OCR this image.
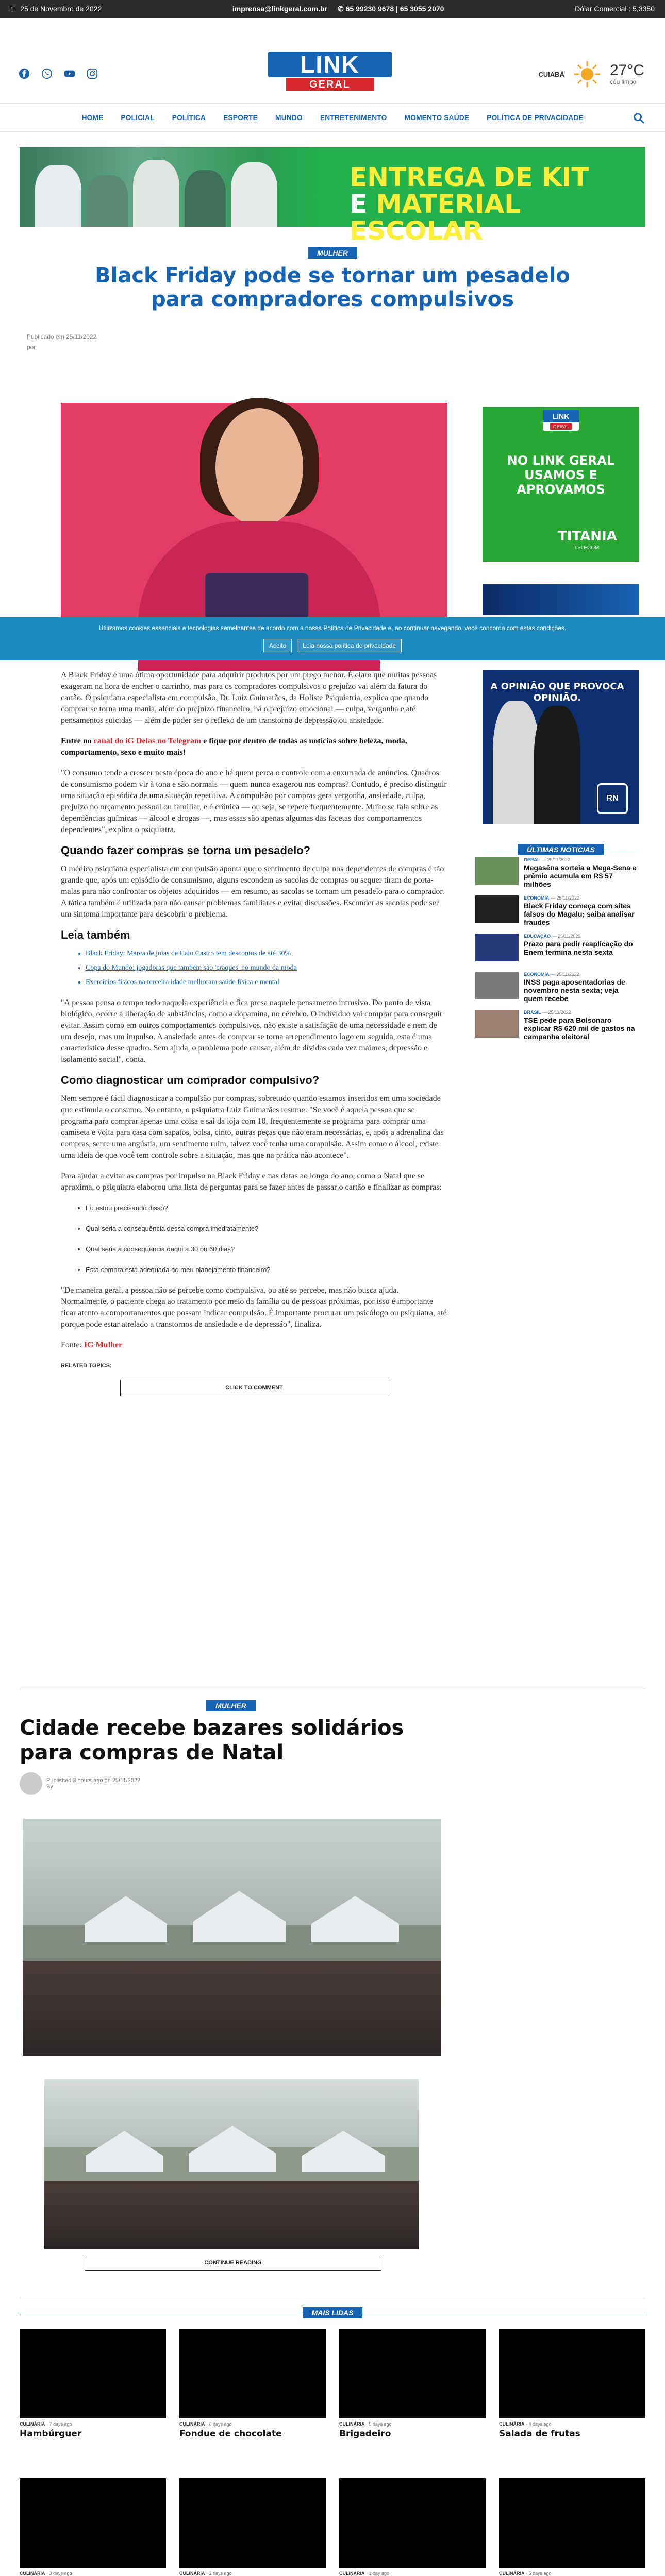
▦ 25 de Novembro de 2022	imprensa@linkgeral.com.br ✆ 65 99230 9678 | 65 3055 2070	Dólar Comercial : 5,3350
LINK
GERAL
CUIABÁ	27°C
céu limpo
HOME POLICIAL POLÍTICA ESPORTE MUNDO ENTRETENIMENTO MOMENTO SAÚDE POLÍTICA DE PRIVACIDADE
ENTREGA DE KIT
E MATERIAL ESCOLAR
MULHER
Black Friday pode se tornar um pesadelo para compradores compulsivos
Publicado em 25/11/2022
por
LINK
GERAL
NO LINK GERAL USAMOS E APROVAMOS
TITANIA
TELECOM
Utilizamos cookies essenciais e tecnologias semelhantes de acordo com a nossa Política de Privacidade e, ao continuar navegando, você concorda com estas condições.
Aceito	Leia nossa política de privacidade
A OPINIÃO QUE PROVOCA OPINIÃO.
RN
ÚLTIMAS NOTÍCIAS
GERAL — 25/11/2022
Megasêna sorteia a Mega-Sena e prêmio acumula em R$ 57 milhões
ECONOMIA — 25/11/2022
Black Friday começa com sites falsos do Magalu; saiba analisar fraudes
EDUCAÇÃO — 25/11/2022
Prazo para pedir reaplicação do Enem termina nesta sexta
ECONOMIA — 25/11/2022
INSS paga aposentadorias de novembro nesta sexta; veja quem recebe
BRASIL — 25/11/2022
TSE pede para Bolsonaro explicar R$ 620 mil de gastos na campanha eleitoral

A Black Friday é uma ótima oportunidade para adquirir produtos por um preço menor. É claro que muitas pessoas exageram na hora de encher o carrinho, mas para os compradores compulsivos o prejuízo vai além da fatura do cartão. O psiquiatra especialista em compulsão, Dr. Luiz Guimarães, da Holiste Psiquiatria, explica que quando comprar se torna uma mania, além do prejuízo financeiro, há o prejuízo emocional — culpa, vergonha e até pensamentos suicidas — além de poder ser o reflexo de um transtorno de depressão ou ansiedade.

Entre no canal do iG Delas no Telegram e fique por dentro de todas as notícias sobre beleza, moda, comportamento, sexo e muito mais!

"O consumo tende a crescer nesta época do ano e há quem perca o controle com a enxurrada de anúncios. Quadros de consumismo podem vir à tona e são normais — quem nunca exagerou nas compras? Contudo, é preciso distinguir uma situação episódica de uma situação repetitiva. A compulsão por compras gera vergonha, ansiedade, culpa, prejuízo no orçamento pessoal ou familiar, e é crônica — ou seja, se repete frequentemente. Muito se fala sobre as dependências químicas — álcool e drogas —, mas essas são apenas algumas das facetas dos comportamentos dependentes", explica o psiquiatra.

Quando fazer compras se torna um pesadelo?

O médico psiquiatra especialista em compulsão aponta que o sentimento de culpa nos dependentes de compras é tão grande que, após um episódio de consumismo, alguns escondem as sacolas de compras ou sequer tiram do porta-malas para não confrontar os objetos adquiridos — em resumo, as sacolas se tornam um pesadelo para o comprador. A tática também é utilizada para não causar problemas familiares e evitar discussões. Esconder as sacolas pode ser um sintoma importante para descobrir o problema.

Leia também
• Black Friday: Marca de joias de Caio Castro tem descontos de até 30%
• Copa do Mundo: jogadoras que também são 'craques' no mundo da moda
• Exercícios físicos na terceira idade melhoram saúde física e mental

"A pessoa pensa o tempo todo naquela experiência e fica presa naquele pensamento intrusivo. Do ponto de vista biológico, ocorre a liberação de substâncias, como a dopamina, no cérebro. O indivíduo vai comprar para conseguir evitar. Assim como em outros comportamentos compulsivos, não existe a satisfação de uma necessidade e nem de um desejo, mas um impulso. A ansiedade antes de comprar se torna arrependimento logo em seguida, esta é uma característica desse quadro. Sem ajuda, o problema pode causar, além de dívidas cada vez maiores, depressão e isolamento social", conta.

Como diagnosticar um comprador compulsivo?

Nem sempre é fácil diagnosticar a compulsão por compras, sobretudo quando estamos inseridos em uma sociedade que estimula o consumo. No entanto, o psiquiatra Luiz Guimarães resume: "Se você é aquela pessoa que se programa para comprar apenas uma coisa e sai da loja com 10, frequentemente se programa para comprar uma camiseta e volta para casa com sapatos, bolsa, cinto, outras peças que não eram necessárias, e, após a adrenalina das compras, sente uma angústia, um sentimento ruim, talvez você tenha uma compulsão. Assim como o álcool, existe uma ideia de que você tem controle sobre a situação, mas que na prática não acontece".

Para ajudar a evitar as compras por impulso na Black Friday e nas datas ao longo do ano, como o Natal que se aproxima, o psiquiatra elaborou uma lista de perguntas para se fazer antes de passar o cartão e finalizar as compras:

• Eu estou precisando disso?
• Qual seria a consequência dessa compra imediatamente?
• Qual seria a consequência daqui a 30 ou 60 dias?
• Esta compra está adequada ao meu planejamento financeiro?

"De maneira geral, a pessoa não se percebe como compulsiva, ou até se percebe, mas não busca ajuda. Normalmente, o paciente chega ao tratamento por meio da família ou de pessoas próximas, por isso é importante ficar atento a comportamentos que possam indicar compulsão. É importante procurar um psicólogo ou psiquiatra, até porque pode estar atrelado a transtornos de ansiedade e de depressão", finaliza.

Fonte: IG Mulher

RELATED TOPICS:
CLICK TO COMMENT
MULHER
Cidade recebe bazares solidários para compras de Natal
Published 3 hours ago on 25/11/2022
By
CONTINUE READING
MAIS LIDAS
CULINÁRIA · 7 days ago
Hambúrguer
CULINÁRIA · 6 days ago
Fondue de chocolate
CULINÁRIA · 5 days ago
Brigadeiro
CULINÁRIA · 4 days ago
Salada de frutas
CULINÁRIA · 3 days ago	CULINÁRIA · 2 days ago	CULINÁRIA · 1 day ago	CULINÁRIA · 5 days ago
